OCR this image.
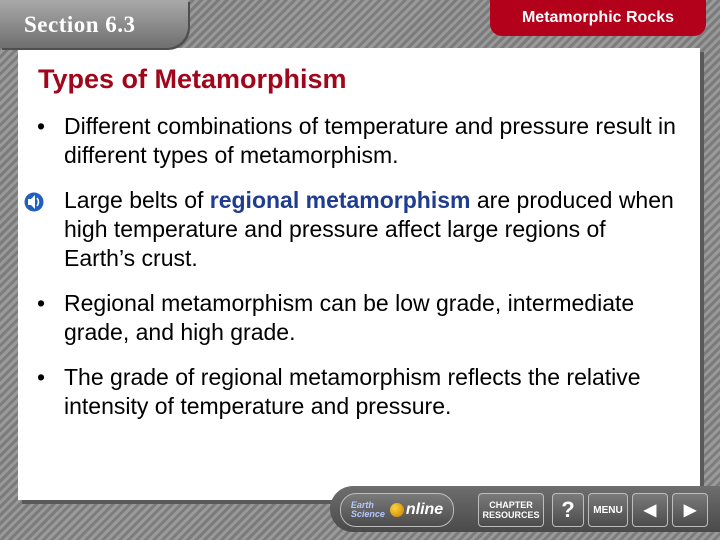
Types of Metamorphism
• Different combinations of temperature and pressure result in different types of metamorphism.
Large belts of regional metamorphism are produced when high temperature and pressure affect large regions of Earth’s crust.
• Regional metamorphism can be low grade, intermediate grade, and high grade.
• The grade of regional metamorphism reflects the relative intensity of temperature and pressure.
Section 6.3	Metamorphic Rocks
Earth
Science nline	CHAPTER
RESOURCES ?	MENU	◀ ▶
